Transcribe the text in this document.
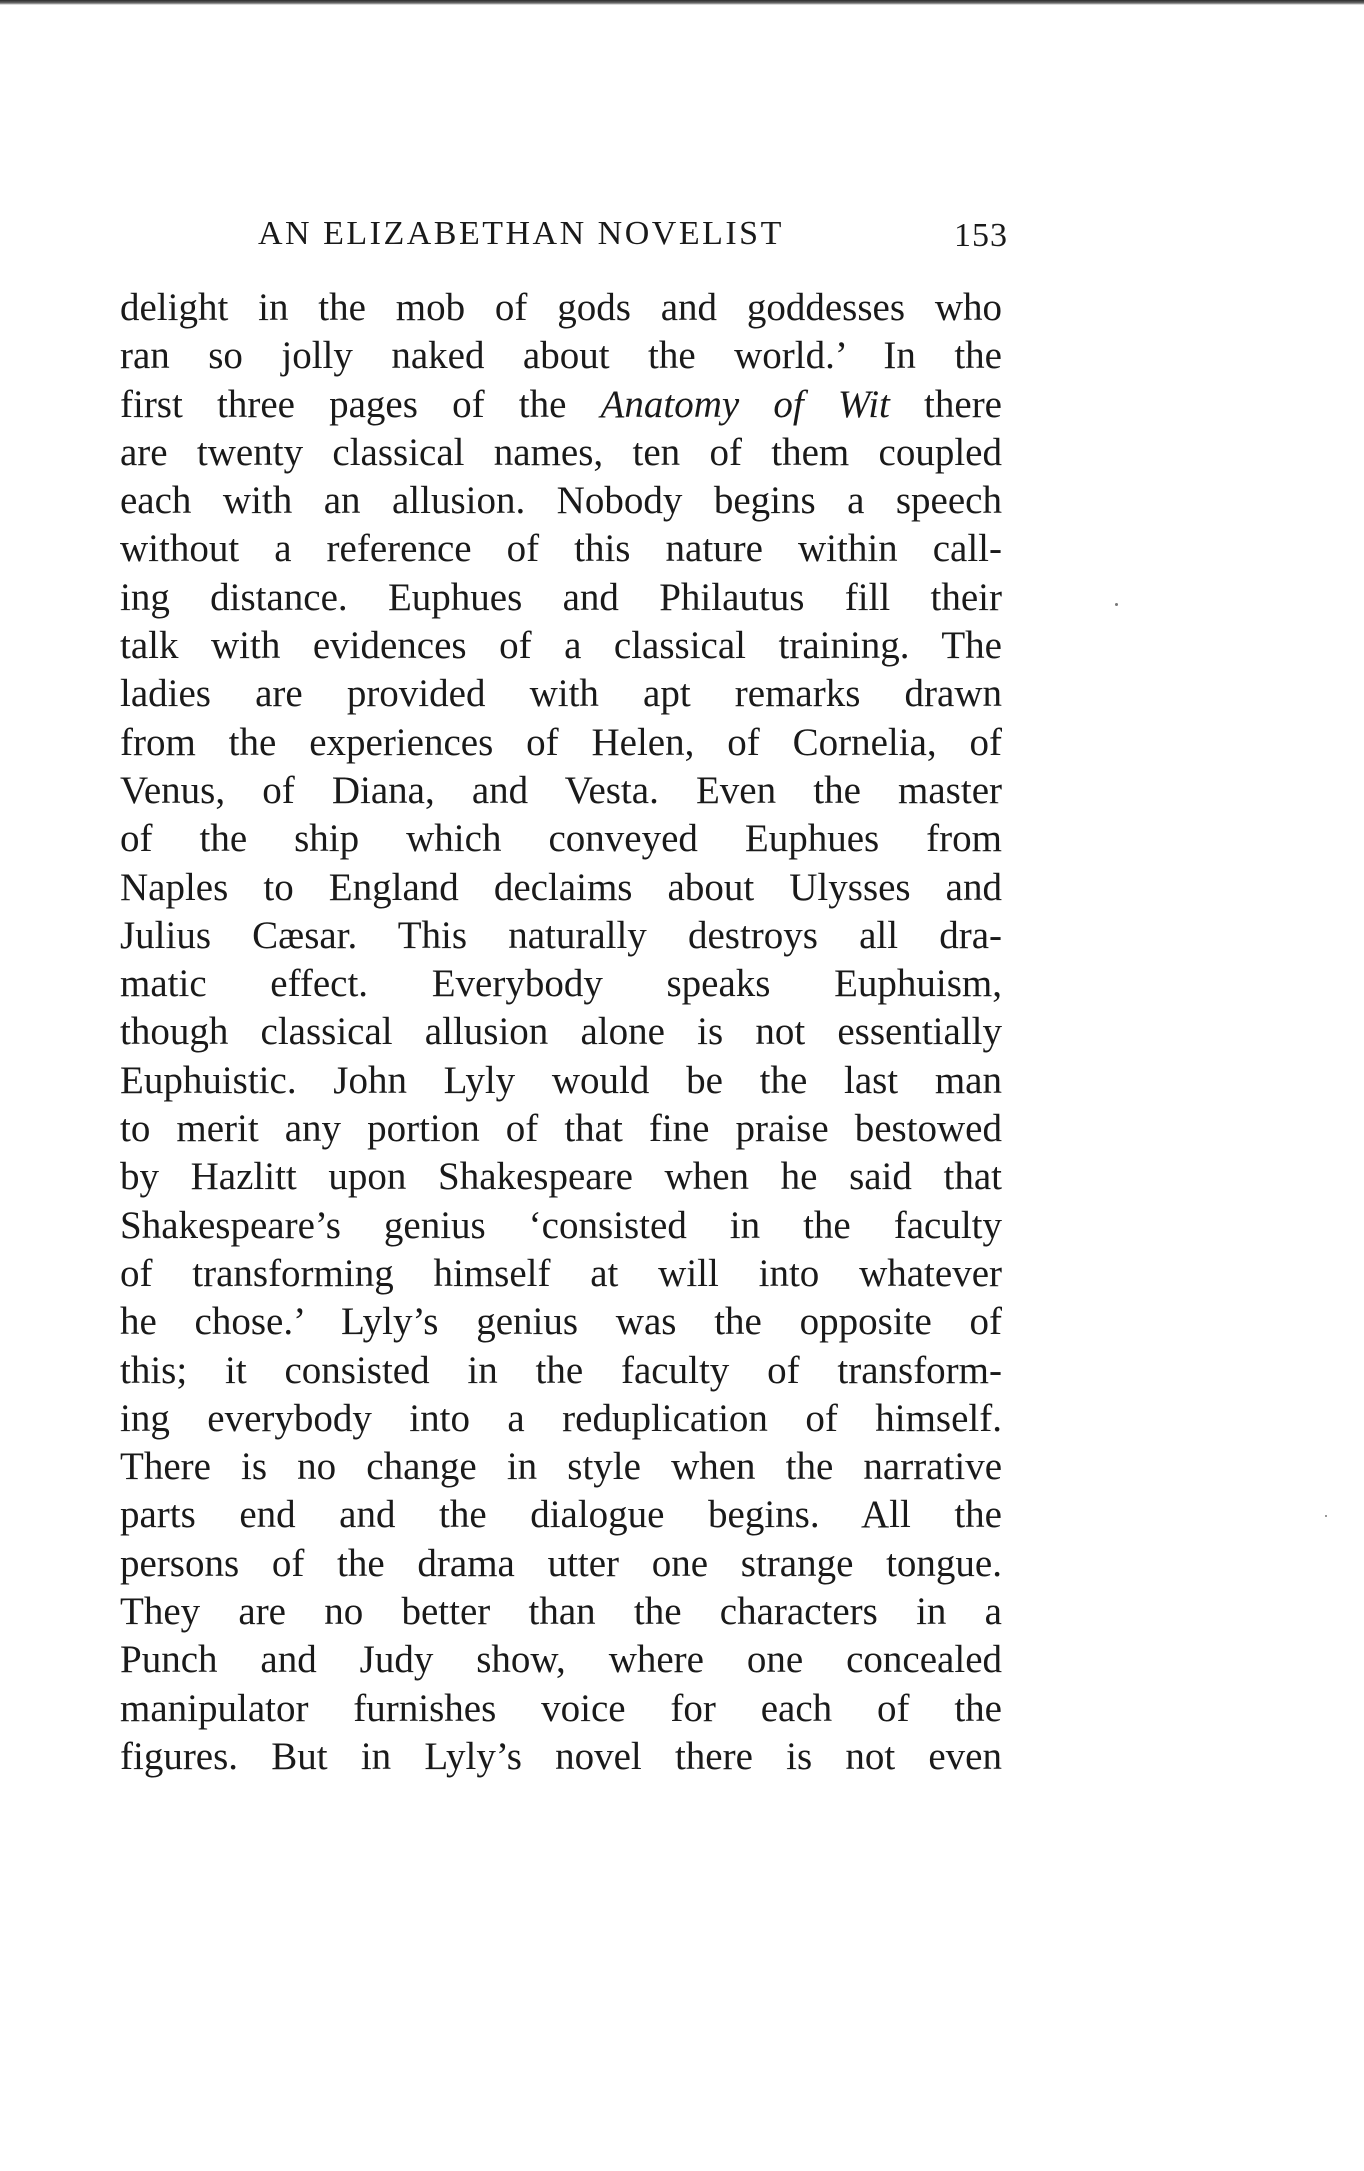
AN ELIZABETHAN NOVELIST	153
delight in the mob of gods and goddesses who
ran so jolly naked about the world.’ In the
first three pages of the Anatomy of Wit there
are twenty classical names, ten of them coupled
each with an allusion. Nobody begins a speech
without a reference of this nature within call-
ing distance. Euphues and Philautus fill their
talk with evidences of a classical training. The
ladies are provided with apt remarks drawn
from the experiences of Helen, of Cornelia, of
Venus, of Diana, and Vesta. Even the master
of the ship which conveyed Euphues from
Naples to England declaims about Ulysses and
Julius Cæsar. This naturally destroys all dra-
matic effect. Everybody speaks Euphuism,
though classical allusion alone is not essentially
Euphuistic. John Lyly would be the last man
to merit any portion of that fine praise bestowed
by Hazlitt upon Shakespeare when he said that
Shakespeare’s genius ‘consisted in the faculty
of transforming himself at will into whatever
he chose.’ Lyly’s genius was the opposite of
this; it consisted in the faculty of transform-
ing everybody into a reduplication of himself.
There is no change in style when the narrative
parts end and the dialogue begins. All the
persons of the drama utter one strange tongue.
They are no better than the characters in a
Punch and Judy show, where one concealed
manipulator furnishes voice for each of the
figures. But in Lyly’s novel there is not even
